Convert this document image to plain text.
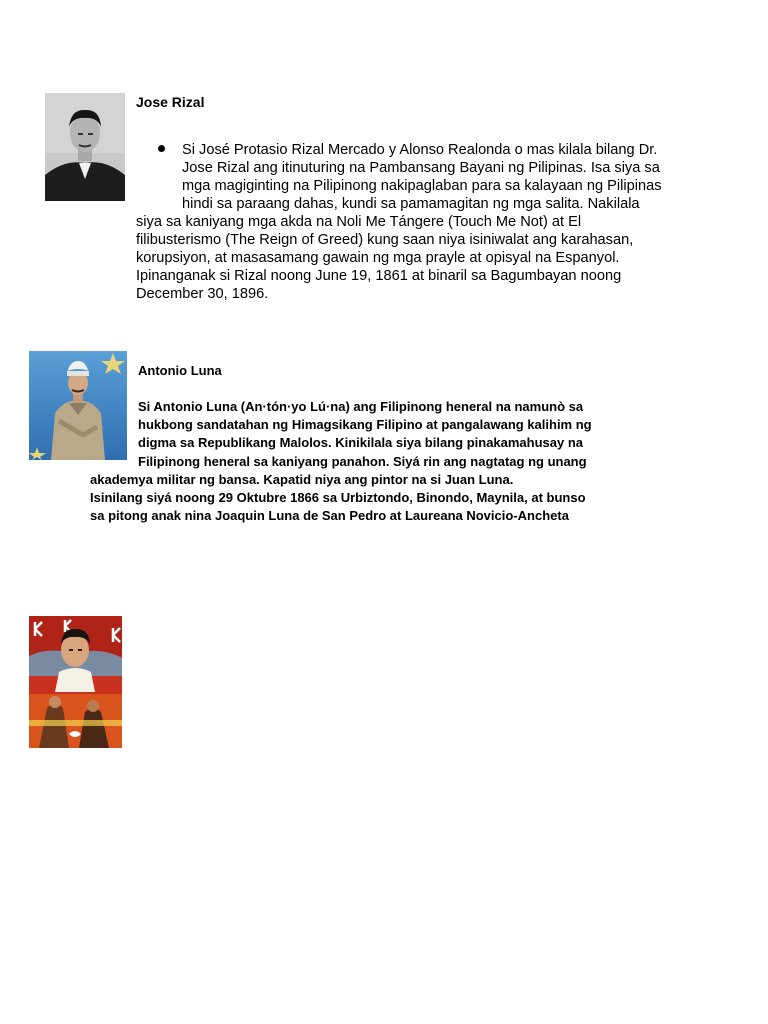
Jose Rizal
Si José Protasio Rizal Mercado y Alonso Realonda o mas kilala bilang Dr.
Jose Rizal ang itinuturing na Pambansang Bayani ng Pilipinas. Isa siya sa
mga magiginting na Pilipinong nakipaglaban para sa kalayaan ng Pilipinas
hindi sa paraang dahas, kundi sa pamamagitan ng mga salita. Nakilala
siya sa kaniyang mga akda na Noli Me Tángere (Touch Me Not) at El
filibusterismo (The Reign of Greed) kung saan niya isiniwalat ang karahasan,
korupsiyon, at masasamang gawain ng mga prayle at opisyal na Espanyol.
Ipinanganak si Rizal noong June 19, 1861 at binaril sa Bagumbayan noong
December 30, 1896.
Antonio Luna
Si Antonio Luna (An·tón·yo Lú·na) ang Filipinong heneral na namunò sa
hukbong sandatahan ng Himagsikang Filipino at pangalawang kalihim ng
digma sa Republikang Malolos. Kinikilala siya bilang pinakamahusay na
Filipinong heneral sa kaniyang panahon. Siyá rin ang nagtatag ng unang
akademya militar ng bansa. Kapatid niya ang pintor na si Juan Luna.
Isinilang siyá noong 29 Oktubre 1866 sa Urbiztondo, Binondo, Maynila, at bunso
sa pitong anak nina Joaquin Luna de San Pedro at Laureana Novicio-Ancheta
